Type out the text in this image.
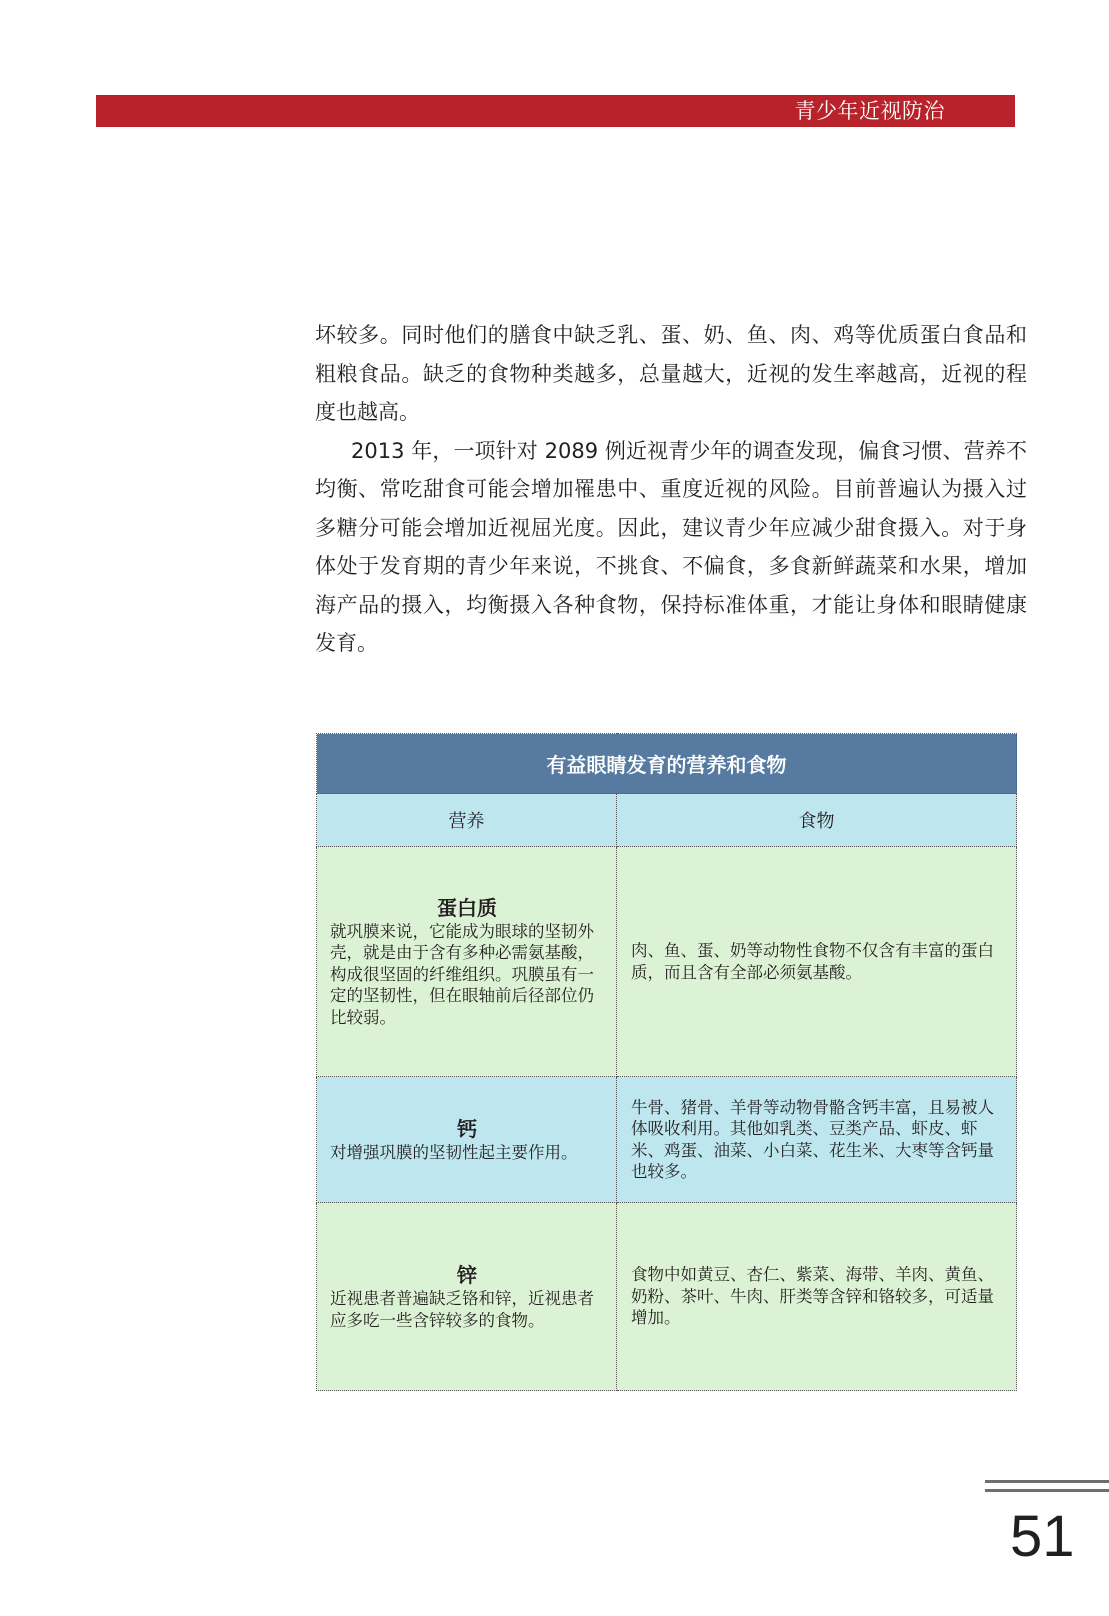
青少年近视防治

坏较多。同时他们的膳食中缺乏乳、蛋、奶、鱼、肉、鸡等优质蛋白食品和粗粮食品。缺乏的食物种类越多，总量越大，近视的发生率越高，近视的程度也越高。

2013 年，一项针对 2089 例近视青少年的调查发现，偏食习惯、营养不均衡、常吃甜食可能会增加罹患中、重度近视的风险。目前普遍认为摄入过多糖分可能会增加近视屈光度。因此，建议青少年应减少甜食摄入。对于身体处于发育期的青少年来说，不挑食、不偏食，多食新鲜蔬菜和水果，增加海产品的摄入，均衡摄入各种食物，保持标准体重，才能让身体和眼睛健康发育。

有益眼睛发育的营养和食物	
营养	食物

蛋白质
就巩膜来说，它能成为眼球的坚韧外壳，就是由于含有多种必需氨基酸，构成很坚固的纤维组织。巩膜虽有一定的坚韧性，但在眼轴前后径部位仍比较弱。	肉、鱼、蛋、奶等动物性食物不仅含有丰富的蛋白质，而且含有全部必须氨基酸。

钙
对增强巩膜的坚韧性起主要作用。	牛骨、猪骨、羊骨等动物骨骼含钙丰富，且易被人体吸收利用。其他如乳类、豆类产品、虾皮、虾米、鸡蛋、油菜、小白菜、花生米、大枣等含钙量也较多。

锌
近视患者普遍缺乏铬和锌，近视患者应多吃一些含锌较多的食物。	食物中如黄豆、杏仁、紫菜、海带、羊肉、黄鱼、奶粉、茶叶、牛肉、肝类等含锌和铬较多，可适量增加。
51
